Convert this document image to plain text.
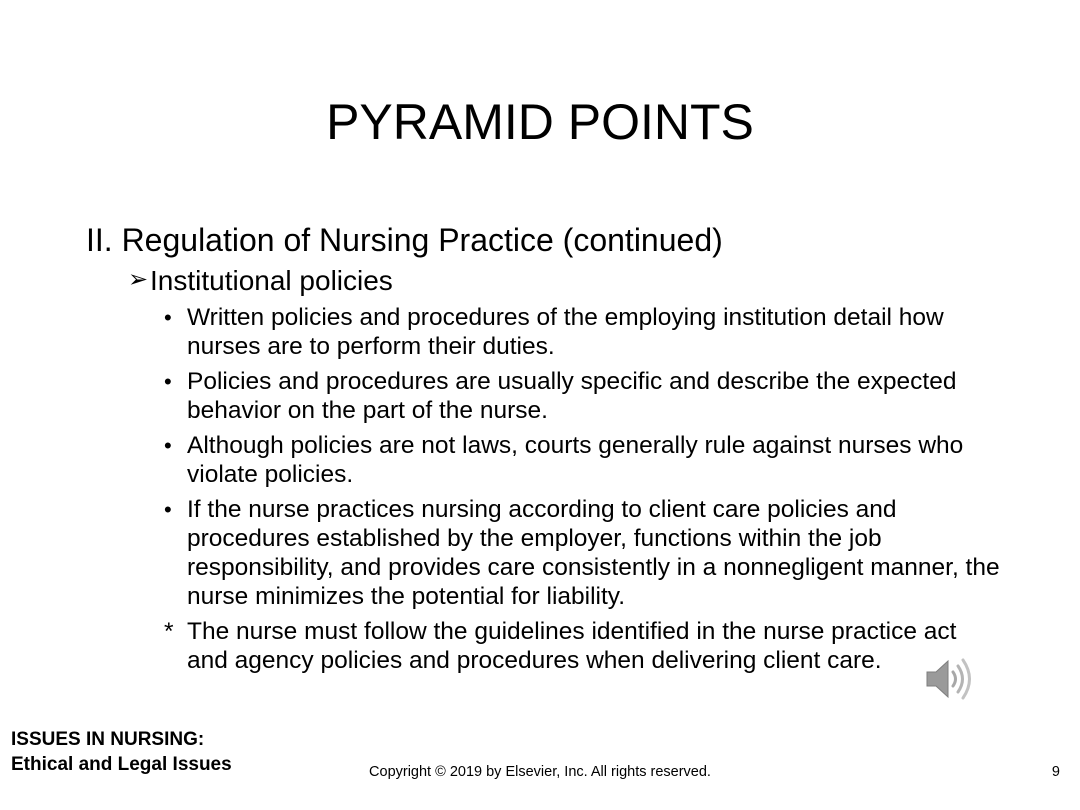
PYRAMID POINTS
II. Regulation of Nursing Practice (continued)
➢Institutional policies
• Written policies and procedures of the employing institution detail how nurses are to perform their duties.
• Policies and procedures are usually specific and describe the expected behavior on the part of the nurse.
• Although policies are not laws, courts generally rule against nurses who violate policies.
• If the nurse practices nursing according to client care policies and procedures established by the employer, functions within the job responsibility, and provides care consistently in a nonnegligent manner, the nurse minimizes the potential for liability.
* The nurse must follow the guidelines identified in the nurse practice act and agency policies and procedures when delivering client care.
ISSUES IN NURSING:
Ethical and Legal Issues	Copyright © 2019 by Elsevier, Inc. All rights reserved.	9
